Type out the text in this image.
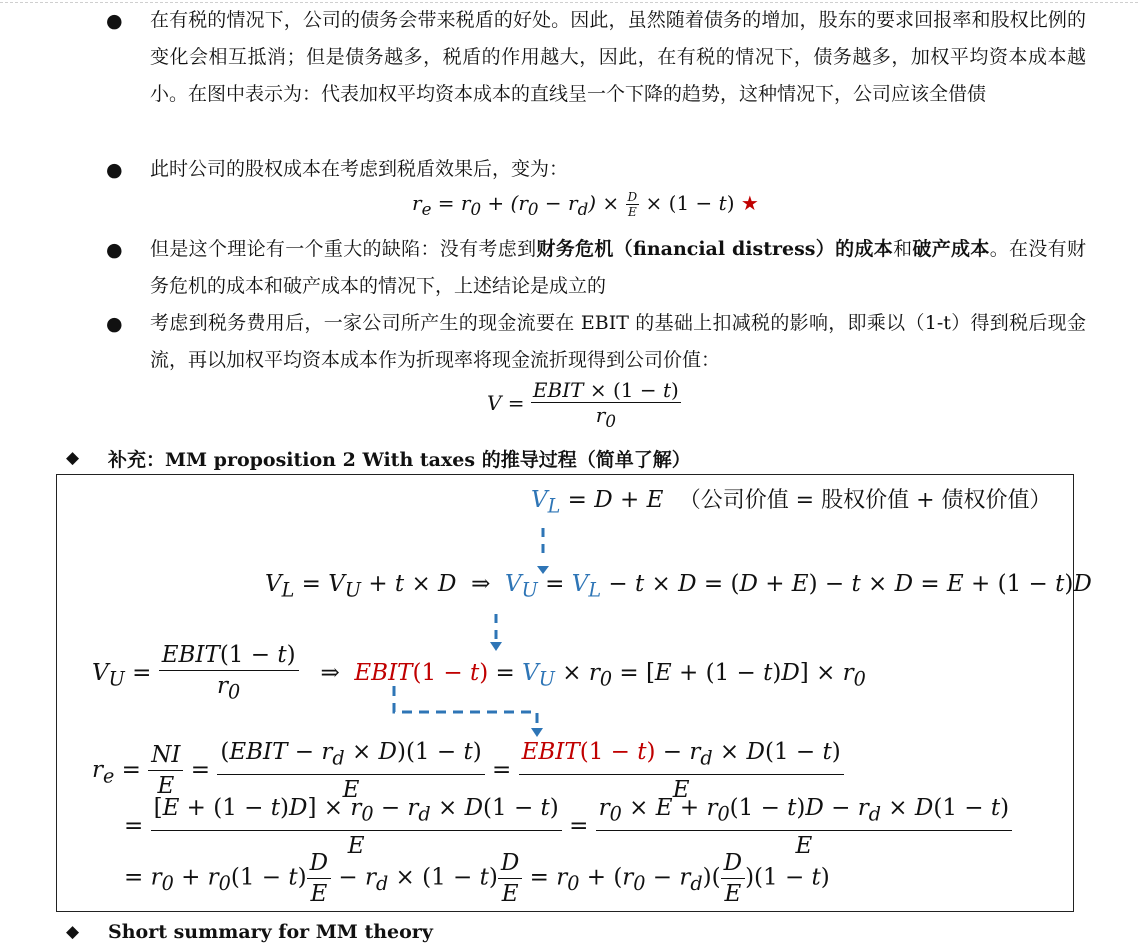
● 在有税的情况下，公司的债务会带来税盾的好处。因此，虽然随着债务的增加，股东的要求回报率和股权比例的变化会相互抵消；但是债务越多，税盾的作用越大，因此，在有税的情况下，债务越多，加权平均资本成本越小。在图中表示为：代表加权平均资本成本的直线呈一个下降的趋势，这种情况下，公司应该全借债
● 此时公司的股权成本在考虑到税盾效果后，变为：
$r_e = r_0 + (r_0 - r_d) \times \frac{D}{E} \times (1 - t)$ ★
● 但是这个理论有一个重大的缺陷：没有考虑到财务危机（financial distress）的成本和破产成本。在没有财务危机的成本和破产成本的情况下，上述结论是成立的
● 考虑到税务费用后，一家公司所产生的现金流要在 EBIT 的基础上扣减税的影响，即乘以（1-t）得到税后现金流，再以加权平均资本成本作为折现率将现金流折现得到公司价值：
$V = \frac{\text{EBIT × (1 − t)}}{r_0}$
◆ 补充：MM proposition 2 With taxes 的推导过程（简单了解）
$V_L = D + E$ （公司价值 = 股权价值 + 债权价值）
$V_L = V_U + t \times D$  ⇒  $V_U = V_L - t \times D = (D + E) - t \times D = E + (1 - t)D$
$V_U = \frac{\text{EBIT(1 − t)}}{r_0}$ ⇒  EBIT(1 − $t) = V_U \times r_0 = [E + (1 - t)D] \times r_0$
$r_e = \frac{NI}{E} = \frac{(EBIT - r_d \times D)(1 - t)}{E} = \frac{EBIT(1 - t) - r_d \times D(1 - t)}{E}$
= $\frac{[E + (1 - t)D] \times r_0 - r_d \times D(1 - t)}{E} = \frac{r_0 \times E + r_0(1 - t)D - r_d \times D(1 - t)}{E}$
= $r_0 + r_0(1 - t) \frac{D}{E} - r_d \times (1 - t) \frac{D}{E} = r_0 + (r_0 - r_d)( \frac{D}{E} )(1 - t)$
◆ Short summary for MM theory
